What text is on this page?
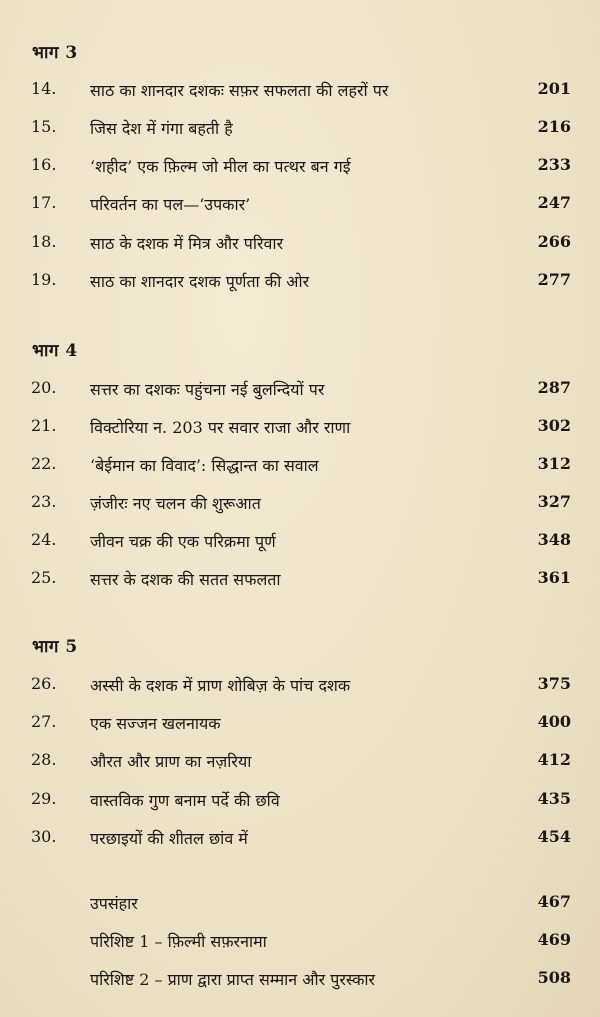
भाग 3
14. साठ का शानदार दशकः सफ़र सफलता की लहरों पर	201
15. जिस देश में गंगा बहती है	216
16. ‘शहीद’ एक फ़िल्म जो मील का पत्थर बन गई	233
17. परिवर्तन का पल—‘उपकार’	247
18. साठ के दशक में मित्र और परिवार	266
19. साठ का शानदार दशक पूर्णता की ओर	277
भाग 4
20. सत्तर का दशकः पहुंचना नई बुलन्दियों पर	287
21. विक्टोरिया न. 203 पर सवार राजा और राणा	302
22. ‘बेईमान का विवाद’: सिद्धान्त का सवाल	312
23. ज़ंजीरः नए चलन की शुरूआत	327
24. जीवन चक्र की एक परिक्रमा पूर्ण	348
25. सत्तर के दशक की सतत सफलता	361
भाग 5
26. अस्सी के दशक में प्राण शोबिज़ के पांच दशक	375
27. एक सज्जन खलनायक	400
28. औरत और प्राण का नज़रिया	412
29. वास्तविक गुण बनाम पर्दे की छवि	435
30. परछाइयों की शीतल छांव में	454
उपसंहार	467
परिशिष्ट 1 – फ़िल्मी सफ़रनामा	469
परिशिष्ट 2 – प्राण द्वारा प्राप्त सम्मान और पुरस्कार	508
